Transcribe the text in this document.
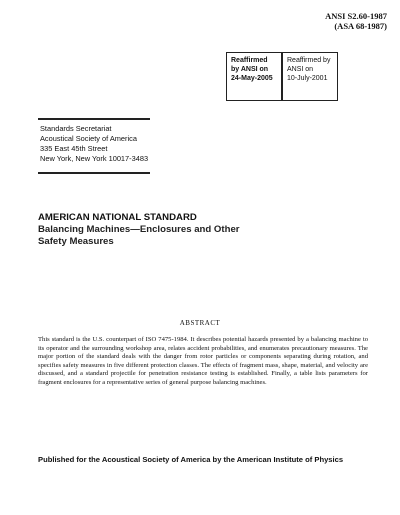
ANSI S2.60-1987
(ASA 68-1987)
Reaffirmed
by ANSI on
24-May-2005
Reaffirmed by
ANSI on
10-July-2001
Standards Secretariat
Acoustical Society of America
335 East 45th Street
New York, New York 10017-3483
AMERICAN NATIONAL STANDARD
Balancing Machines—Enclosures and Other
Safety Measures
ABSTRACT
This standard is the U.S. counterpart of ISO 7475-1984. It describes potential hazards presented by a balancing machine to its operator and the surrounding workshop area, relates accident probabilities, and enumerates precautionary measures. The major portion of the standard deals with the danger from rotor particles or components separating during rotation, and specifies safety measures in five different protection classes. The effects of fragment mass, shape, material, and velocity are discussed, and a standard projectile for penetration resistance testing is established. Finally, a table lists parameters for fragment enclosures for a representative series of general purpose balancing machines.
Published for the Acoustical Society of America by the American Institute of Physics
